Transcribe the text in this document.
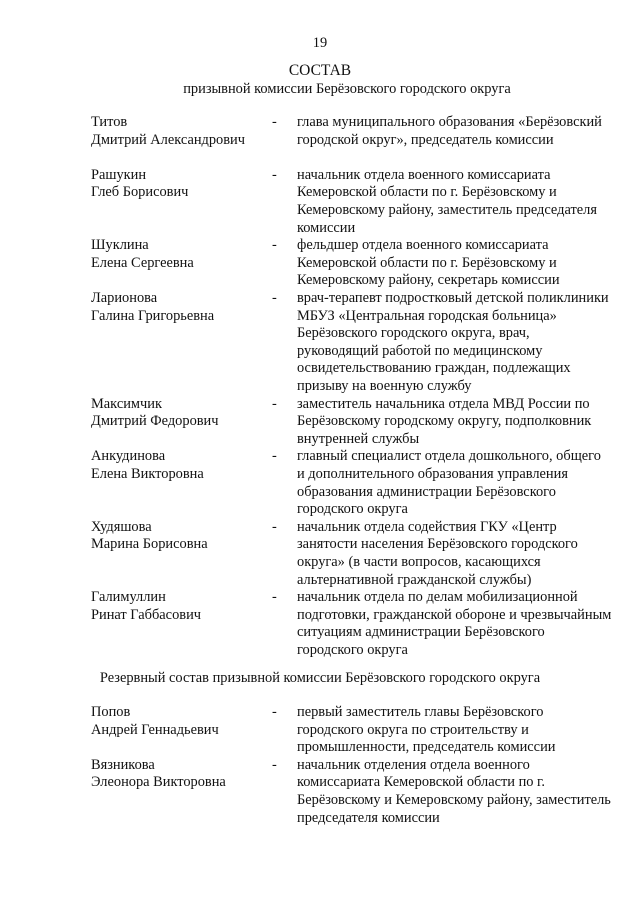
19
СОСТАВ
призывной комиссии Берёзовского городского округа
Титов
Дмитрий Александрович
- глава муниципального образования «Берёзовский городской округ», председатель комиссии
Рашукин
Глеб Борисович
- начальник отдела военного комиссариата Кемеровской области по г. Берёзовскому и Кемеровскому району, заместитель председателя комиссии
Шуклина
Елена Сергеевна
- фельдшер отдела военного комиссариата Кемеровской области по г. Берёзовскому и Кемеровскому району, секретарь комиссии
Ларионова
Галина Григорьевна
- врач-терапевт подростковый детской поликлиники МБУЗ «Центральная городская больница» Берёзовского городского округа, врач, руководящий работой по медицинскому освидетельствованию граждан, подлежащих призыву на военную службу
Максимчик
Дмитрий Федорович
- заместитель начальника отдела МВД России по Берёзовскому городскому округу, подполковник внутренней службы
Анкудинова
Елена Викторовна
- главный специалист отдела дошкольного, общего и дополнительного образования управления образования администрации Берёзовского городского округа
Худяшова
Марина Борисовна
- начальник отдела содействия ГКУ «Центр занятости населения Берёзовского городского округа» (в части вопросов, касающихся альтернативной гражданской службы)
Галимуллин
Ринат Габбасович
- начальник отдела по делам мобилизационной подготовки, гражданской обороне и чрезвычайным ситуациям администрации Берёзовского городского округа
Резервный состав призывной комиссии Берёзовского городского округа
Попов
Андрей Геннадьевич
- первый заместитель главы Берёзовского городского округа по строительству и промышленности, председатель комиссии
Вязникова
Элеонора Викторовна
- начальник отделения отдела военного комиссариата Кемеровской области по г. Берёзовскому и Кемеровскому району, заместитель председателя комиссии
